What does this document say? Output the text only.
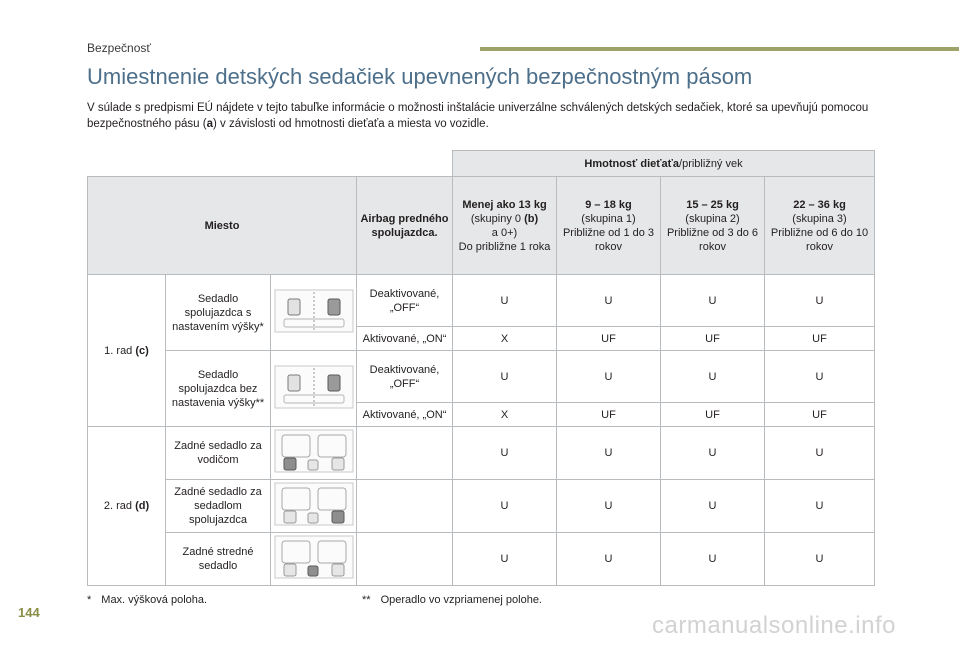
Bezpečnosť
Umiestnenie detských sedačiek upevnených bezpečnostným pásom
V súlade s predpismi EÚ nájdete v tejto tabuľke informácie o možnosti inštalácie univerzálne schválených detských sedačiek, ktoré sa upevňujú pomocou bezpečnostného pásu (a) v závislosti od hmotnosti dieťaťa a miesta vo vozidle.
				Hmotnosť dieťaťa/približný vek			
Miesto			Airbag predného spolujazdca.	Menej ako 13 kg
(skupiny 0 (b)
a 0+)
Do približne 1 roka	9 – 18 kg
(skupina 1)
Približne od 1 do 3 rokov	15 – 25 kg
(skupina 2)
Približne od 3 do 6 rokov	22 – 36 kg
(skupina 3)
Približne od 6 do 10 rokov
1. rad (c)	Sedadlo spolujazdca s nastavením výšky*		Deaktivované, „OFF“	U	U	U	U
			Aktivované, „ON“	X	UF	UF	UF
	Sedadlo spolujazdca bez nastavenia výšky**		Deaktivované, „OFF“	U	U	U	U
			Aktivované, „ON“	X	UF	UF	UF
2. rad (d)	Zadné sedadlo za vodičom			U	U	U	U
	Zadné sedadlo za sedadlom spolujazdca			U	U	U	U
	Zadné stredné sedadlo			U	U	U	U
* Max. výšková poloha.	** Operadlo vo vzpriamenej polohe.
144	carmanualsonline.info
